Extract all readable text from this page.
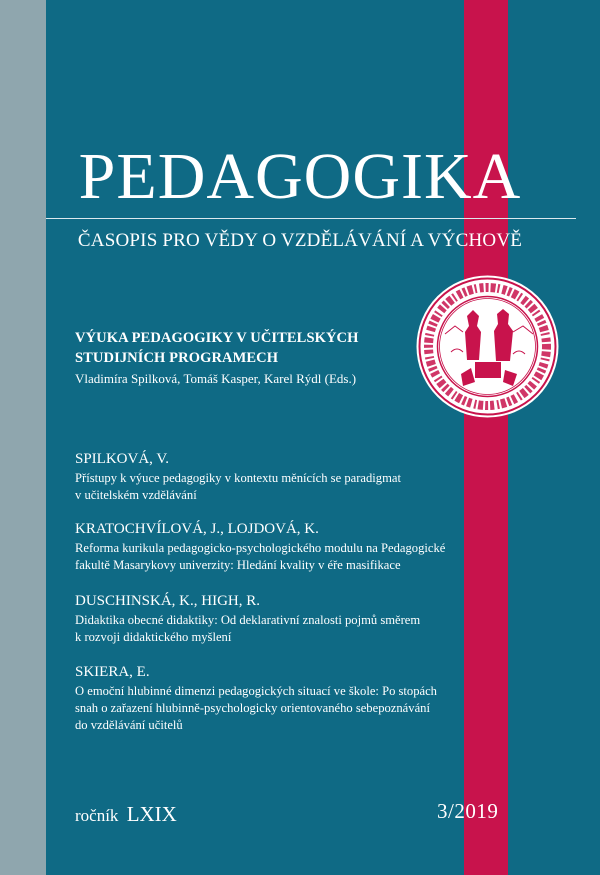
PEDAGOGIKA
ČASOPIS PRO VĚDY O VZDĚLÁVÁNÍ A VÝCHOVĚ
VÝUKA PEDAGOGIKY V UČITELSKÝCH
STUDIJNÍCH PROGRAMECH
Vladimíra Spilková, Tomáš Kasper, Karel Rýdl (Eds.)
SPILKOVÁ, V.
Přístupy k výuce pedagogiky v kontextu měnících se paradigmat
v učitelském vzdělávání
KRATOCHVÍLOVÁ, J., LOJDOVÁ, K.
Reforma kurikula pedagogicko-psychologického modulu na Pedagogické
fakultě Masarykovy univerzity: Hledání kvality v éře masifikace
DUSCHINSKÁ, K., HIGH, R.
Didaktika obecné didaktiky: Od deklarativní znalosti pojmů směrem
k rozvoji didaktického myšlení
SKIERA, E.
O emoční hlubinné dimenzi pedagogických situací ve škole: Po stopách
snah o zařazení hlubinně-psychologicky orientovaného sebepoznávání
do vzdělávání učitelů
ročník LXIX	3/2019
